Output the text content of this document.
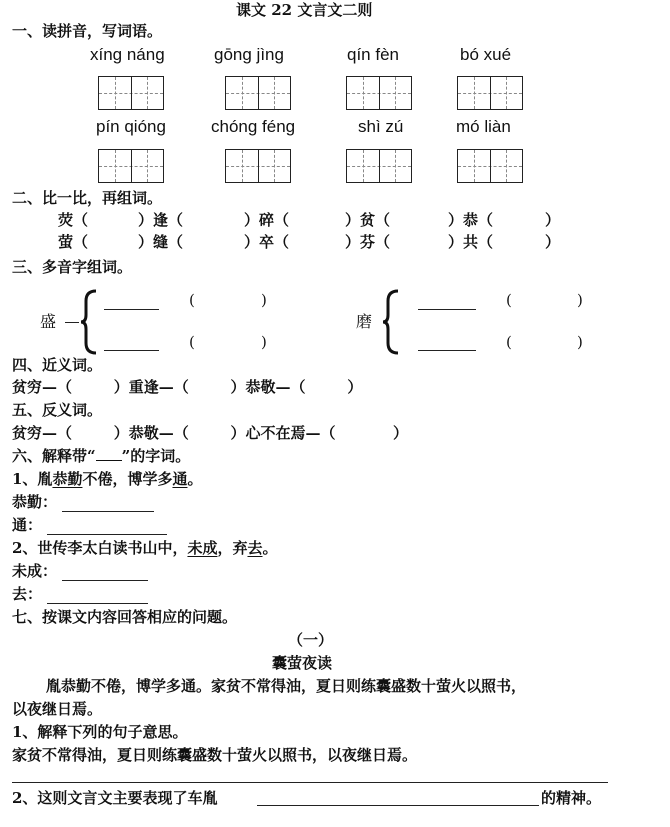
课文 22 文言文二则
一、读拼音，写词语。
xíng náng	gōng jìng	qín fèn	bó xué
pín qióng	chóng féng	shì zú	mó liàn
二、比一比，再组词。
荧（	）逢（	）碎（	）贫（	）恭（	）
萤（	）缝（	）卒（	）芬（	）共（	）
三、多音字组词。
盛
(	)
(	)
磨
(	)
(	)
四、近义词。
贫穷—（        ）重逢—（        ）恭敬—（        ）
五、反义词。
贫穷—（        ）恭敬—（        ）心不在焉—（           ）
六、解释带“ ”的字词。
1、胤恭勤不倦，博学多通。
恭勤：
通：
2、世传李太白读书山中，未成，弃去。
未成：
去：
七、按课文内容回答相应的问题。
（一）
囊萤夜读
胤恭勤不倦，博学多通。家贫不常得油，夏日则练囊盛数十萤火以照书，
以夜继日焉。
1、解释下列的句子意思。
家贫不常得油，夏日则练囊盛数十萤火以照书，以夜继日焉。
2、这则文言文主要表现了车胤	的精神。
